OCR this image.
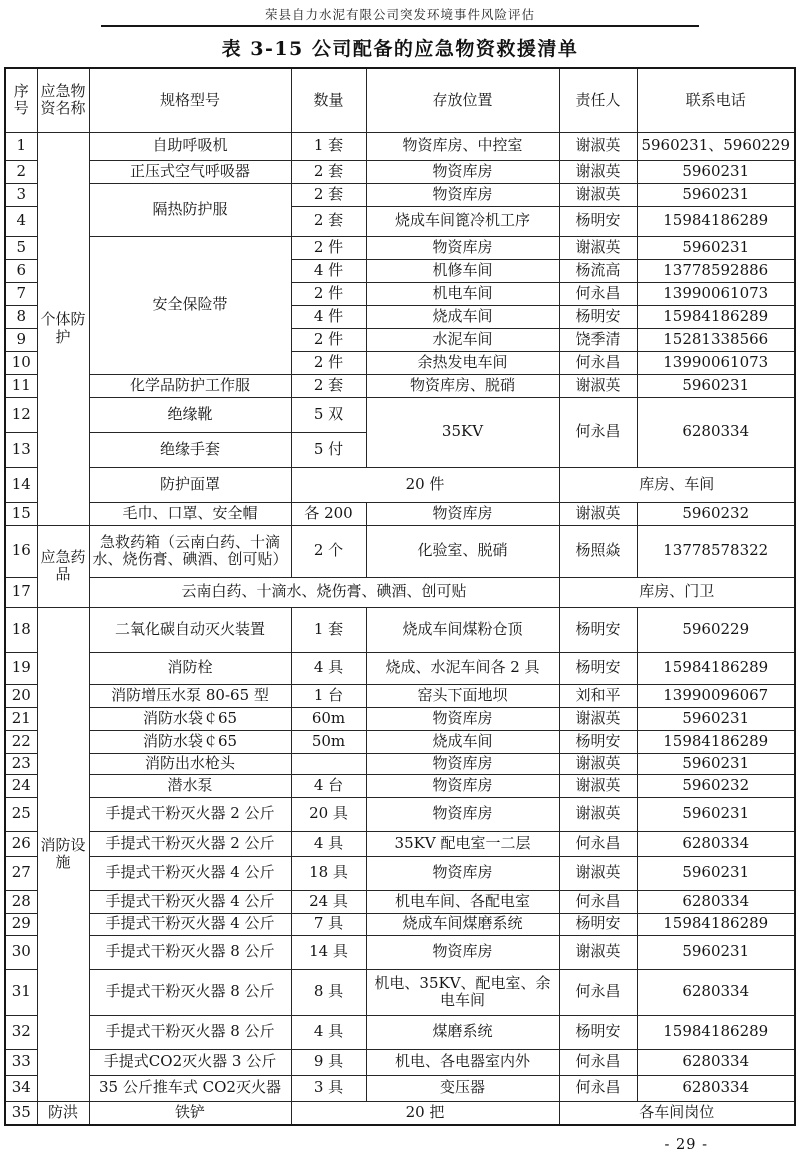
荣县自力水泥有限公司突发环境事件风险评估
表 3-15 公司配备的应急物资救援清单
序号	应急物资名称	规格型号	数量	存放位置	责任人	联系电话
1	个体防护	自助呼吸机	1 套	物资库房、中控室	谢淑英	5960231、5960229
2		正压式空气呼吸器	2 套	物资库房	谢淑英	5960231
3		隔热防护服	2 套	物资库房	谢淑英	5960231
4			2 套	烧成车间篦冷机工序	杨明安	15984186289
5		安全保险带	2 件	物资库房	谢淑英	5960231
6			4 件	机修车间	杨流高	13778592886
7			2 件	机电车间	何永昌	13990061073
8			4 件	烧成车间	杨明安	15984186289
9			2 件	水泥车间	饶季清	15281338566
10			2 件	余热发电车间	何永昌	13990061073
11		化学品防护工作服	2 套	物资库房、脱硝	谢淑英	5960231
12		绝缘靴	5 双	35KV	何永昌	6280334
13		绝缘手套	5 付			
14		防护面罩	20 件		库房、车间	
15		毛巾、口罩、安全帽	各 200	物资库房	谢淑英	5960232
16	应急药品	急救药箱（云南白药、十滴水、烧伤膏、碘酒、创可贴）	2 个	化验室、脱硝	杨照焱	13778578322
17		云南白药、十滴水、烧伤膏、碘酒、创可贴			库房、门卫	
18	消防设施	二氧化碳自动灭火装置	1 套	烧成车间煤粉仓顶	杨明安	5960229
19		消防栓	4 具	烧成、水泥车间各 2 具	杨明安	15984186289
20		消防增压水泵 80-65 型	1 台	窑头下面地坝	刘和平	13990096067
21		消防水袋￠65	60m	物资库房	谢淑英	5960231
22		消防水袋￠65	50m	烧成车间	杨明安	15984186289
23		消防出水枪头		物资库房	谢淑英	5960231
24		潜水泵	4 台	物资库房	谢淑英	5960232
25		手提式干粉灭火器 2 公斤	20 具	物资库房	谢淑英	5960231
26		手提式干粉灭火器 2 公斤	4 具	35KV 配电室一二层	何永昌	6280334
27		手提式干粉灭火器 4 公斤	18 具	物资库房	谢淑英	5960231
28		手提式干粉灭火器 4 公斤	24 具	机电车间、各配电室	何永昌	6280334
29		手提式干粉灭火器 4 公斤	7 具	烧成车间煤磨系统	杨明安	15984186289
30		手提式干粉灭火器 8 公斤	14 具	物资库房	谢淑英	5960231
31		手提式干粉灭火器 8 公斤	8 具	机电、35KV、配电室、余电车间	何永昌	6280334
32		手提式干粉灭火器 8 公斤	4 具	煤磨系统	杨明安	15984186289
33		手提式CO2灭火器 3 公斤	9 具	机电、各电器室内外	何永昌	6280334
34		35 公斤推车式 CO2灭火器	3 具	变压器	何永昌	6280334
35	防洪	铁铲	20 把		各车间岗位	
- 29 -
